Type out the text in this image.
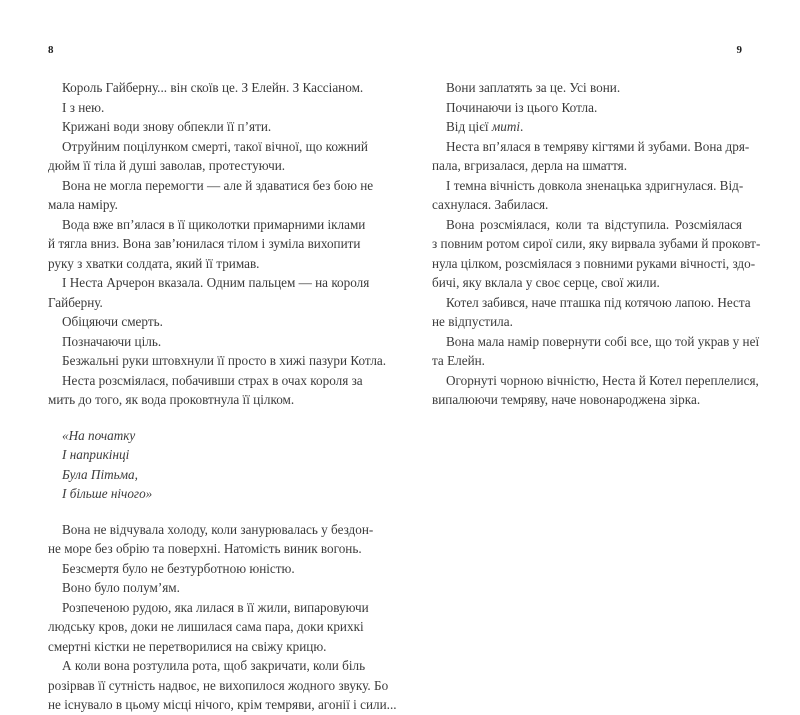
8
Король Гайберну... він скоїв це. З Елейн. З Кассіаном.
І з нею.
Крижані води знову обпекли її п’яти.
Отруйним поцілунком смерті, такої вічної, що кожний
дюйм її тіла й душі заволав, протестуючи.
Вона не могла перемогти — але й здаватися без бою не
мала наміру.
Вода вже вп’ялася в її щиколотки примарними іклами
й тягла вниз. Вона зав’юнилася тілом і зуміла вихопити
руку з хватки солдата, який її тримав.
І Неста Арчерон вказала. Одним пальцем — на короля
Гайберну.
Обіцяючи смерть.
Позначаючи ціль.
Безжальні руки штовхнули її просто в хижі пазури Котла.
Неста розсміялася, побачивши страх в очах короля за
мить до того, як вода проковтнула її цілком.
«На початку
І наприкінці
Була Пітьма,
І більше нічого»
Вона не відчувала холоду, коли занурювалась у бездон-
не море без обрію та поверхні. Натомість виник вогонь.
Безсмертя було не безтурботною юністю.
Воно було полум’ям.
Розпеченою рудою, яка лилася в її жили, випаровуючи
людську кров, доки не лишилася сама пара, доки крихкі
смертні кістки не перетворилися на свіжу крицю.
А коли вона розтулила рота, щоб закричати, коли біль
розірвав її сутність надвоє, не вихопилося жодного звуку. Бо
не існувало в цьому місці нічого, крім темряви, агонії і сили...
9
Вони заплатять за це. Усі вони.
Починаючи із цього Котла.
Від цієї миті.
Неста вп’ялася в темряву кігтями й зубами. Вона дря-
пала, вгризалася, дерла на шмаття.
І темна вічність довкола зненацька здригнулася. Від-
сахнулася. Забилася.
Вона розсміялася, коли та відступила. Розсміялася
з повним ротом сирої сили, яку вирвала зубами й проковт-
нула цілком, розсміялася з повними руками вічності, здо-
бичі, яку вклала у своє серце, свої жили.
Котел забився, наче пташка під котячою лапою. Неста
не відпустила.
Вона мала намір повернути собі все, що той украв у неї
та Елейн.
Огорнуті чорною вічністю, Неста й Котел переплелися,
випалюючи темряву, наче новонароджена зірка.
